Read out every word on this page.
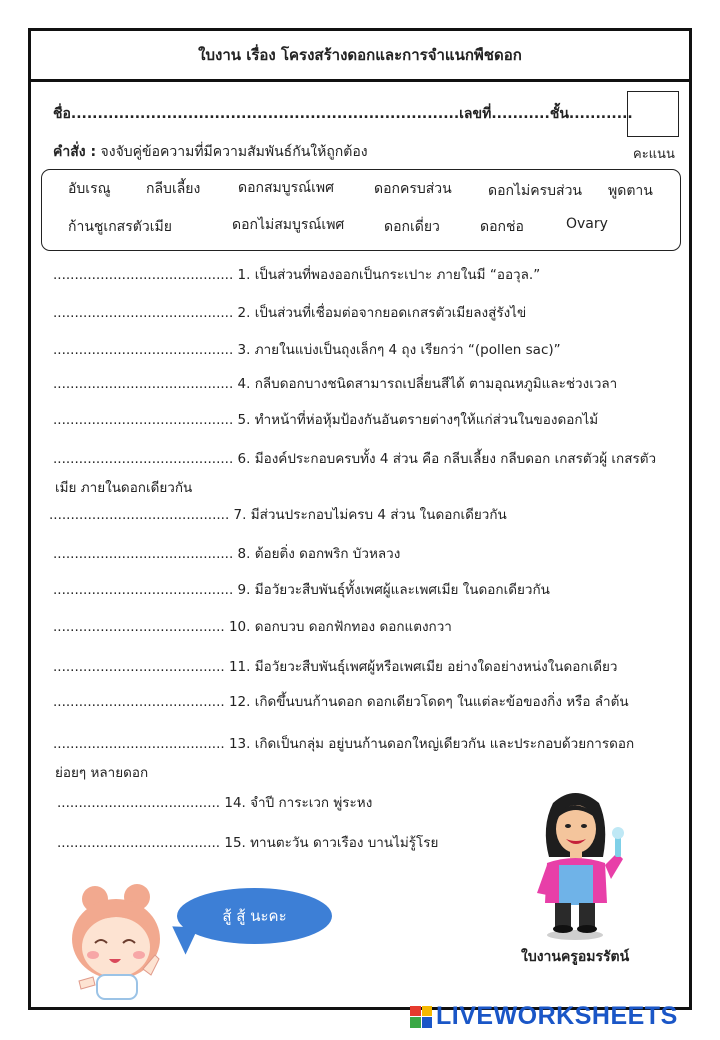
ใบงาน เรื่อง โครงสร้างดอกและการจำแนกพืชดอก
ชื่อ.........................................................................เลขที่...........ชั้น............
คะแนน
คำสั่ง : จงจับคู่ข้อความที่มีความสัมพันธ์กันให้ถูกต้อง
อับเรณู	กลีบเลี้ยง	ดอกสมบูรณ์เพศ	ดอกครบส่วน	ดอกไม่ครบส่วน พูดตาน
ก้านชูเกสรตัวเมีย	ดอกไม่สมบูรณ์เพศ	ดอกเดี่ยว	ดอกช่อ	Ovary
.......................................... 1. เป็นส่วนที่พองออกเป็นกระเปาะ ภายในมี “ออวุล.”
.......................................... 2. เป็นส่วนที่เชื่อมต่อจากยอดเกสรตัวเมียลงสู่รังไข่
.......................................... 3. ภายในแบ่งเป็นถุงเล็กๆ 4 ถุง เรียกว่า “(pollen sac)”
.......................................... 4. กลีบดอกบางชนิดสามารถเปลี่ยนสีได้ ตามอุณหภูมิและช่วงเวลา
.......................................... 5. ทำหน้าที่ห่อหุ้มป้องกันอันตรายต่างๆให้แก่ส่วนในของดอกไม้
.......................................... 6. มีองค์ประกอบครบทั้ง 4 ส่วน คือ กลีบเลี้ยง กลีบดอก เกสรตัวผู้ เกสรตัว
เมีย ภายในดอกเดียวกัน
.......................................... 7. มีส่วนประกอบไม่ครบ 4 ส่วน ในดอกเดียวกัน
.......................................... 8. ต้อยติ่ง ดอกพริก บัวหลวง
.......................................... 9. มีอวัยวะสืบพันธุ์ทั้งเพศผู้และเพศเมีย ในดอกเดียวกัน
........................................ 10. ดอกบวบ ดอกฟักทอง ดอกแตงกวา
........................................ 11. มีอวัยวะสืบพันธุ์เพศผู้หรือเพศเมีย อย่างใดอย่างหน่งในดอกเดียว
........................................ 12. เกิดขึ้นบนก้านดอก ดอกเดียวโดดๆ ในแต่ละข้อของกิ่ง หรือ ลำต้น
........................................ 13. เกิดเป็นกลุ่ม อยู่บนก้านดอกใหญ่เดียวกัน และประกอบด้วยการดอก
ย่อยๆ หลายดอก
...................................... 14. จำปี การะเวก พู่ระหง
...................................... 15. ทานตะวัน ดาวเรือง บานไม่รู้โรย
ใบงานครูอมรรัตน์
สู้ สู้ นะคะ
LIVEWORKSHEETS
